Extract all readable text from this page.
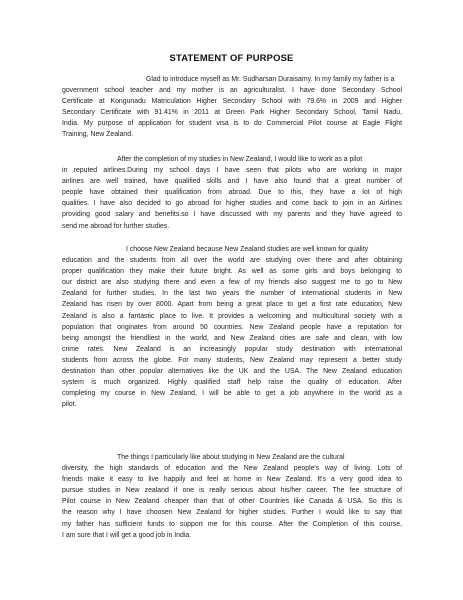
STATEMENT OF PURPOSE
Glad to introduce myself as Mr. Sudharsan Duraisamy. In my family my father is a
government school teacher and my mother is an agriculturalist. I have done Secondary School
Certificate at Kongunadu Matriculation Higher Secondary School with 79.6% in 2009 and Higher
Secondary Certificate with 91.41% in 2011 at Green Park Higher Secondary School, Tamil Nadu,
India. My purpose of application for student visa is to do Commercial Pilot course at Eagle Flight
Training, New Zealand.
After the completion of my studies in New Zealand, I would like to work as a pilot
in reputed airlines.During my school days I have seen that pilots who are working in major
airlines are well trained, have qualified skills and I have also found that a great number of
people have obtained their qualification from abroad. Due to this, they have a lot of high
qualities. I have also decided to go abroad for higher studies and come back to join in an Airlines
providing good salary and benefits.so I have discussed with my parents and they have agreed to
send me abroad for further studies.
I choose New Zealand because New Zealand studies are well known for quality
education and the students from all over the world are studying over there and after obtaining
proper qualification they make their future bright. As well as some girls and boys belonging to
our district are also studying there and even a few of my friends also suggest me to go to New
Zealand for further studies. In the last two years the number of international students in New
Zealand has risen by over 8000. Apart from being a great place to get a first rate education, New
Zealand is also a fantastic place to live. It provides a welcoming and multicultural society with a
population that originates from around 50 countries. New Zealand people have a reputation for
being amongst the friendliest in the world, and New Zealand cities are safe and clean, with low
crime rates. New Zealand is an increasingly popular study destination with international
students from across the globe. For many students, New Zealand may represent a better study
destination than other popular alternatives like the UK and the USA. The New Zealand education
system is much organized. Highly qualified staff help raise the quality of education. After
completing my course in New Zealand, I will be able to get a job anywhere in the world as a
pilot.
The things I particularly like about studying in New Zealand are the cultural
diversity, the high standards of education and the New Zealand people's way of living. Lots of
friends make it easy to live happily and feel at home in New Zealand. It's a very good idea to
pursue studies in New zealand if one is really serious about his/her career. The fee structure of
Pilot course in New Zealand cheaper than that of other Countries like Canada & USA. So this is
the reason why I have choosen New Zealand for higher studies. Further I would like to say that
my father has sufficient funds to support me for this course. After the Completion of this course,
I am sure that I will get a good job in India.
